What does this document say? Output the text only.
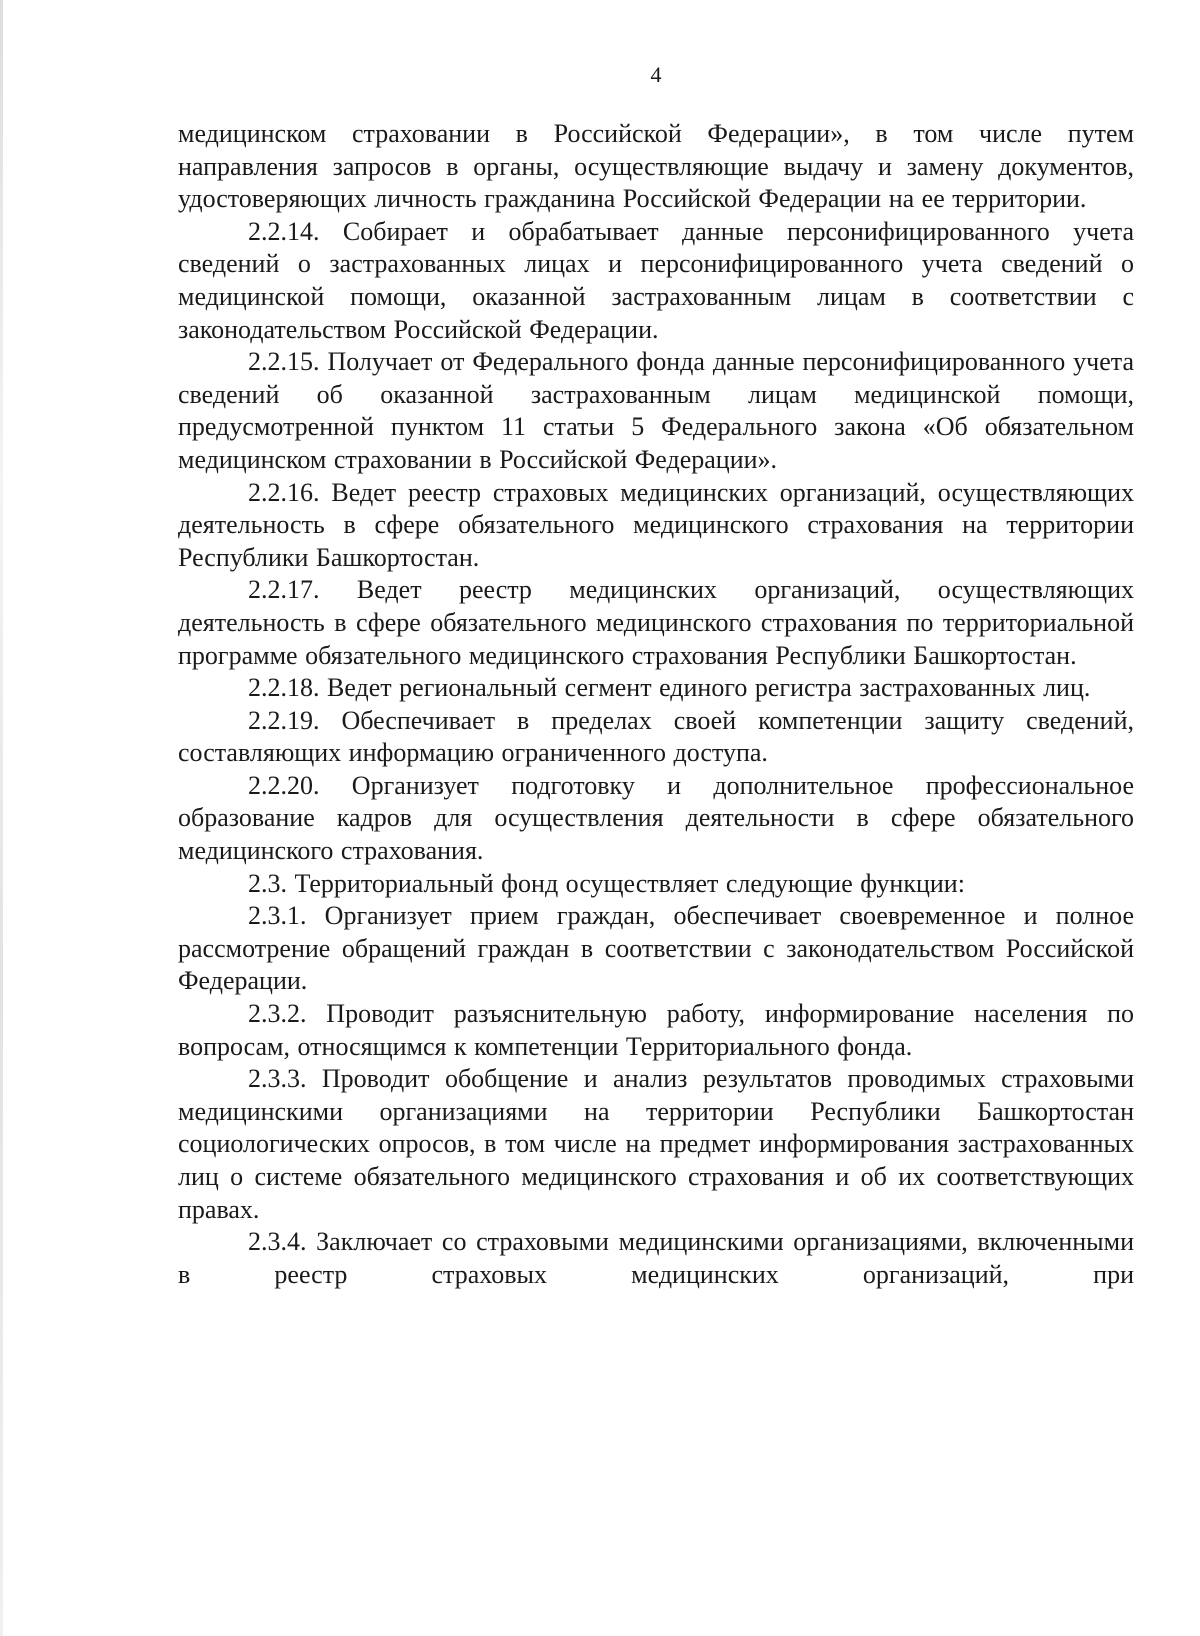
4

медицинском страховании в Российской Федерации», в том числе путем направления запросов в органы, осуществляющие выдачу и замену документов, удостоверяющих личность гражданина Российской Федерации на ее территории.

2.2.14. Собирает и обрабатывает данные персонифицированного учета сведений о застрахованных лицах и персонифицированного учета сведений о медицинской помощи, оказанной застрахованным лицам в соответствии с законодательством Российской Федерации.

2.2.15. Получает от Федерального фонда данные персонифицированного учета сведений об оказанной застрахованным лицам медицинской помощи, предусмотренной пунктом 11 статьи 5 Федерального закона «Об обязательном медицинском страховании в Российской Федерации».

2.2.16. Ведет реестр страховых медицинских организаций, осуществляющих деятельность в сфере обязательного медицинского страхования на территории Республики Башкортостан.

2.2.17. Ведет реестр медицинских организаций, осуществляющих деятельность в сфере обязательного медицинского страхования по территориальной программе обязательного медицинского страхования Республики Башкортостан.

2.2.18. Ведет региональный сегмент единого регистра застрахованных лиц.

2.2.19. Обеспечивает в пределах своей компетенции защиту сведений, составляющих информацию ограниченного доступа.

2.2.20. Организует подготовку и дополнительное профессиональное образование кадров для осуществления деятельности в сфере обязательного медицинского страхования.

2.3. Территориальный фонд осуществляет следующие функции:

2.3.1. Организует прием граждан, обеспечивает своевременное и полное рассмотрение обращений граждан в соответствии с законодательством Российской Федерации.

2.3.2. Проводит разъяснительную работу, информирование населения по вопросам, относящимся к компетенции Территориального фонда.

2.3.3. Проводит обобщение и анализ результатов проводимых страховыми медицинскими организациями на территории Республики Башкортостан социологических опросов, в том числе на предмет информирования застрахованных лиц о системе обязательного медицинского страхования и об их соответствующих правах.

2.3.4. Заключает со страховыми медицинскими организациями, включенными в реестр страховых медицинских организаций, при
